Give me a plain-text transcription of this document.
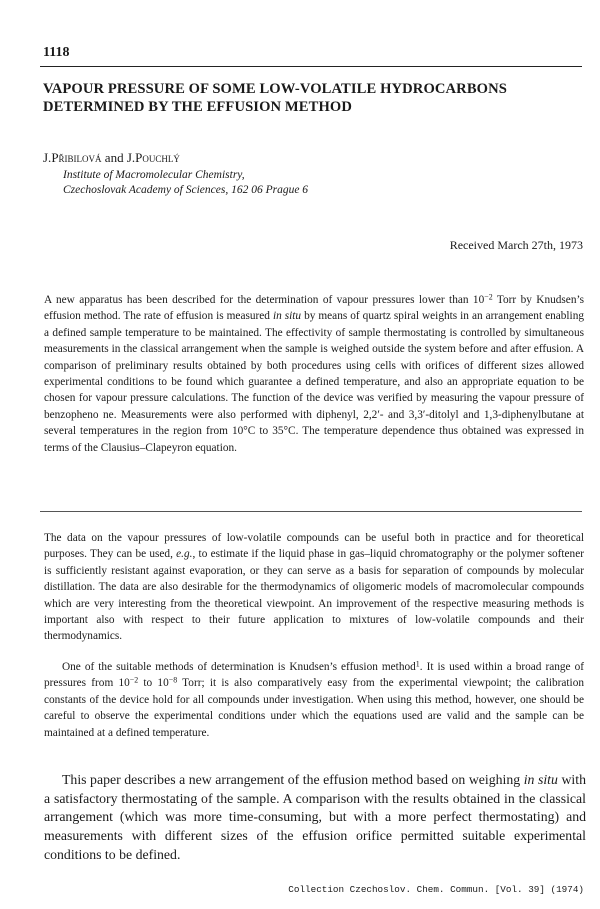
1118
VAPOUR PRESSURE OF SOME LOW-VOLATILE HYDROCARBONS DETERMINED BY THE EFFUSION METHOD
J.Přibilová and J.Pouchlý
Institute of Macromolecular Chemistry,
Czechoslovak Academy of Sciences, 162 06 Prague 6
Received March 27th, 1973

A new apparatus has been described for the determination of vapour pressures lower than $10^{-2}$ Torr by Knudsen’s effusion method. The rate of effusion is measured in situ by means of quartz spiral weights in an arrangement enabling a defined sample temperature to be maintained. The effectivity of sample thermostating is controlled by simultaneous measurements in the classical arrangement when the sample is weighed outside the system before and after effusion. A comparison of preliminary results obtained by both procedures using cells with orifices of different sizes allowed experimental conditions to be found which guarantee a defined temperature, and also an appropriate equation to be chosen for vapour pressure calculations. The function of the device was verified by measuring the vapour pressure of benzopheno ne. Measurements were also performed with diphenyl, 2,2′- and 3,3′-ditolyl and 1,3-diphenylbutane at several temperatures in the region from 10°C to 35°C. The temperature dependence thus obtained was expressed in terms of the Clausius–Clapeyron equation.

The data on the vapour pressures of low-volatile compounds can be useful both in practice and for theoretical purposes. They can be used, e.g., to estimate if the liquid phase in gas–liquid chromatography or the polymer softener is sufficiently resistant against evaporation, or they can serve as a basis for separation of compounds by molecular distillation. The data are also desirable for the thermodynamics of oligomeric models of macromolecular compounds which are very interesting from the theoretical viewpoint. An improvement of the respective measuring methods is important also with respect to their future application to mixtures of low-volatile compounds and their thermodynamics.

One of the suitable methods of determination is Knudsen’s effusion method$^1$. It is used within a broad range of pressures from $10^{-2}$ to $10^{-8}$ Torr; it is also comparatively easy from the experimental viewpoint; the calibration constants of the device hold for all compounds under investigation. When using this method, however, one should be careful to observe the experimental conditions under which the equations used are valid and the sample can be maintained at a defined temperature.

This paper describes a new arrangement of the effusion method based on weighing in situ with a satisfactory thermostating of the sample. A comparison with the results obtained in the classical arrangement (which was more time-consuming, but with a more perfect thermostating) and measurements with different sizes of the effusion orifice permitted suitable experimental conditions to be defined.

Collection Czechoslov. Chem. Commun. [Vol. 39] (1974)
